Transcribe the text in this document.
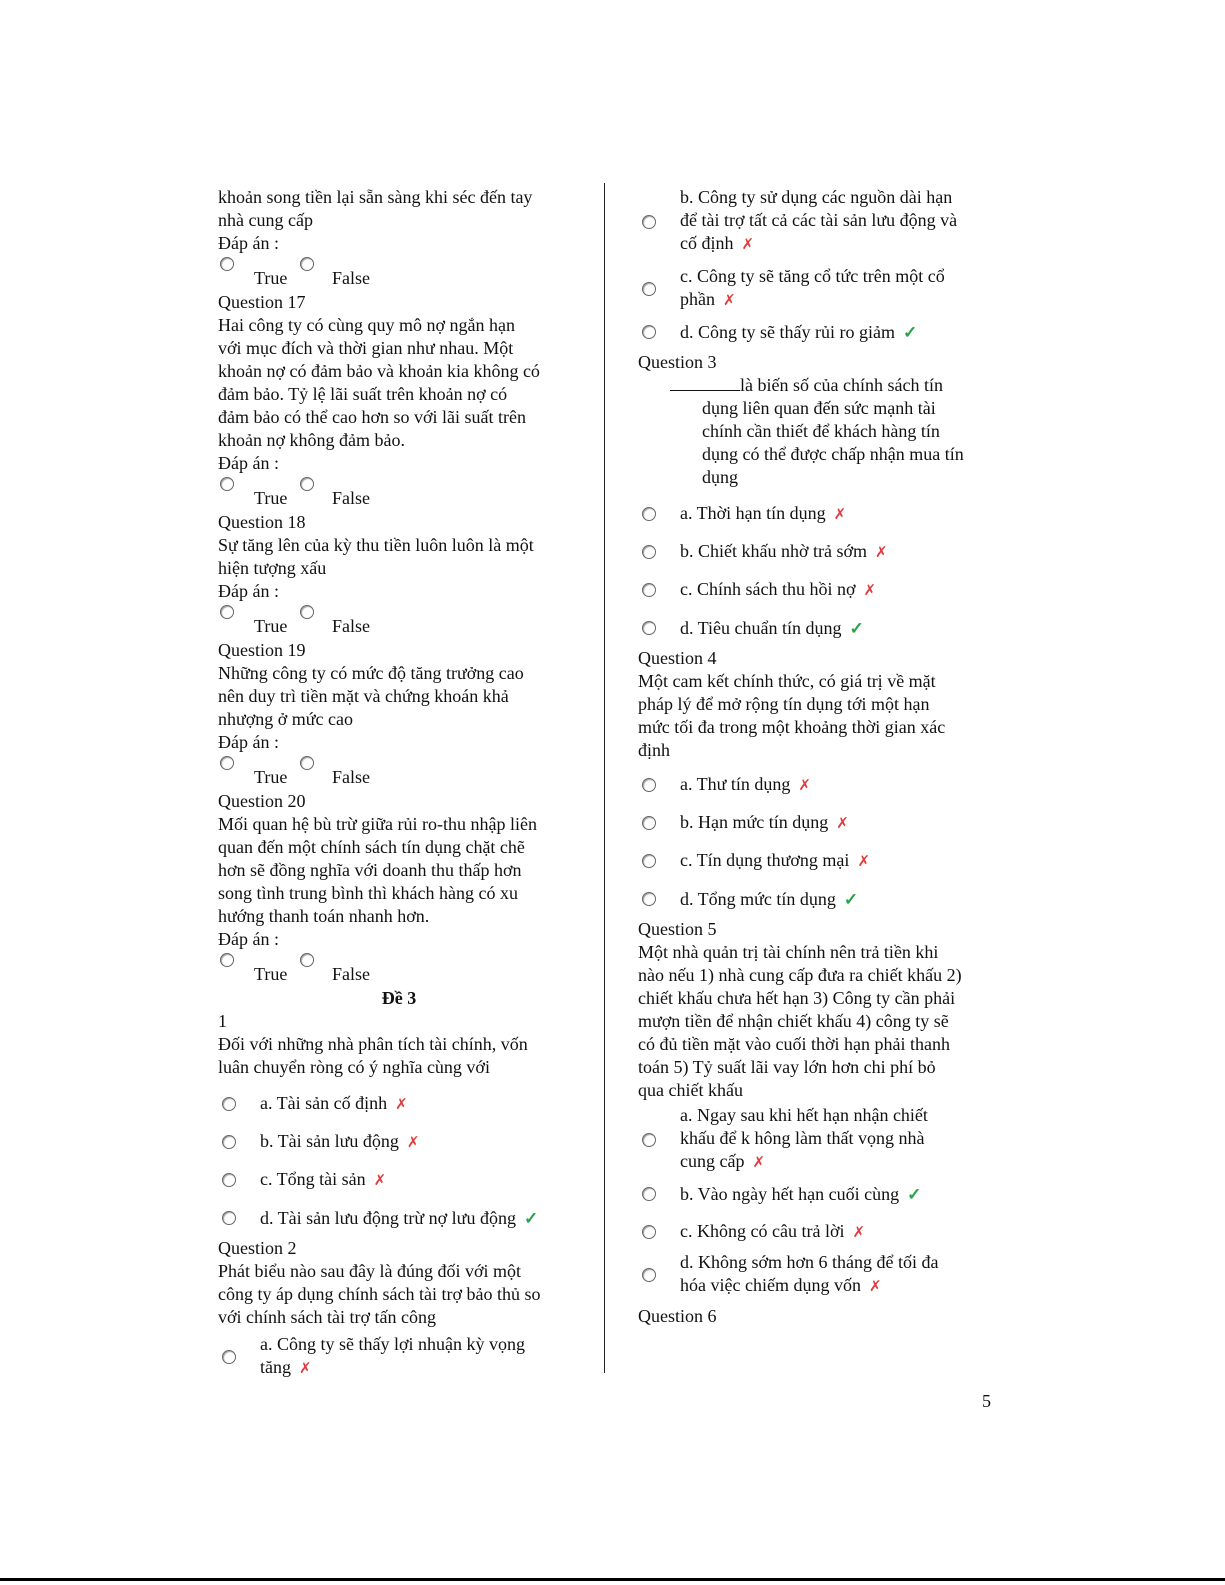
khoản song tiền lại sẵn sàng khi séc đến tay
nhà cung cấp
Đáp án :
True False
Question 17
Hai công ty có cùng quy mô nợ ngắn hạn
với mục đích và thời gian như nhau. Một
khoản nợ có đảm bảo và khoản kia không có
đảm bảo. Tỷ lệ lãi suất trên khoản nợ có
đảm bảo có thể cao hơn so với lãi suất trên
khoản nợ không đảm bảo.
Đáp án :
True False
Question 18
Sự tăng lên của kỳ thu tiền luôn luôn là một
hiện tượng xấu
Đáp án :
True False
Question 19
Những công ty có mức độ tăng trưởng cao
nên duy trì tiền mặt và chứng khoán khả
nhượng ở mức cao
Đáp án :
True False
Question 20
Mối quan hệ bù trừ giữa rủi ro-thu nhập liên
quan đến một chính sách tín dụng chặt chẽ
hơn sẽ đồng nghĩa với doanh thu thấp hơn
song tình trung bình thì khách hàng có xu
hướng thanh toán nhanh hơn.
Đáp án :
True False
Đề 3
1
Đối với những nhà phân tích tài chính, vốn
luân chuyển ròng có ý nghĩa cùng với
a. Tài sản cố định ✗
b. Tài sản lưu động ✗
c. Tổng tài sản ✗
d. Tài sản lưu động trừ nợ lưu động ✓
Question 2
Phát biểu nào sau đây là đúng đối với một
công ty áp dụng chính sách tài trợ bảo thủ so
với chính sách tài trợ tấn công
a. Công ty sẽ thấy lợi nhuận kỳ vọng
tăng ✗
b. Công ty sử dụng các nguồn dài hạn
để tài trợ tất cả các tài sản lưu động và
cố định ✗
c. Công ty sẽ tăng cổ tức trên một cổ
phần ✗
d. Công ty sẽ thấy rủi ro giảm ✓
Question 3
là biến số của chính sách tín
dụng liên quan đến sức mạnh tài
chính cần thiết để khách hàng tín
dụng có thể được chấp nhận mua tín
dụng
a. Thời hạn tín dụng ✗
b. Chiết khấu nhờ trả sớm ✗
c. Chính sách thu hồi nợ ✗
d. Tiêu chuẩn tín dụng ✓
Question 4
Một cam kết chính thức, có giá trị về mặt
pháp lý để mở rộng tín dụng tới một hạn
mức tối đa trong một khoảng thời gian xác
định
a. Thư tín dụng ✗
b. Hạn mức tín dụng ✗
c. Tín dụng thương mại ✗
d. Tổng mức tín dụng ✓
Question 5
Một nhà quản trị tài chính nên trả tiền khi
nào nếu 1) nhà cung cấp đưa ra chiết khấu 2)
chiết khấu chưa hết hạn 3) Công ty cần phải
mượn tiền để nhận chiết khấu 4) công ty sẽ
có đủ tiền mặt vào cuối thời hạn phải thanh
toán 5) Tỷ suất lãi vay lớn hơn chi phí bỏ
qua chiết khấu
a. Ngay sau khi hết hạn nhận chiết
khấu để k hông làm thất vọng nhà
cung cấp ✗
b. Vào ngày hết hạn cuối cùng ✓
c. Không có câu trả lời ✗
d. Không sớm hơn 6 tháng để tối đa
hóa việc chiếm dụng vốn ✗
Question 6
5
